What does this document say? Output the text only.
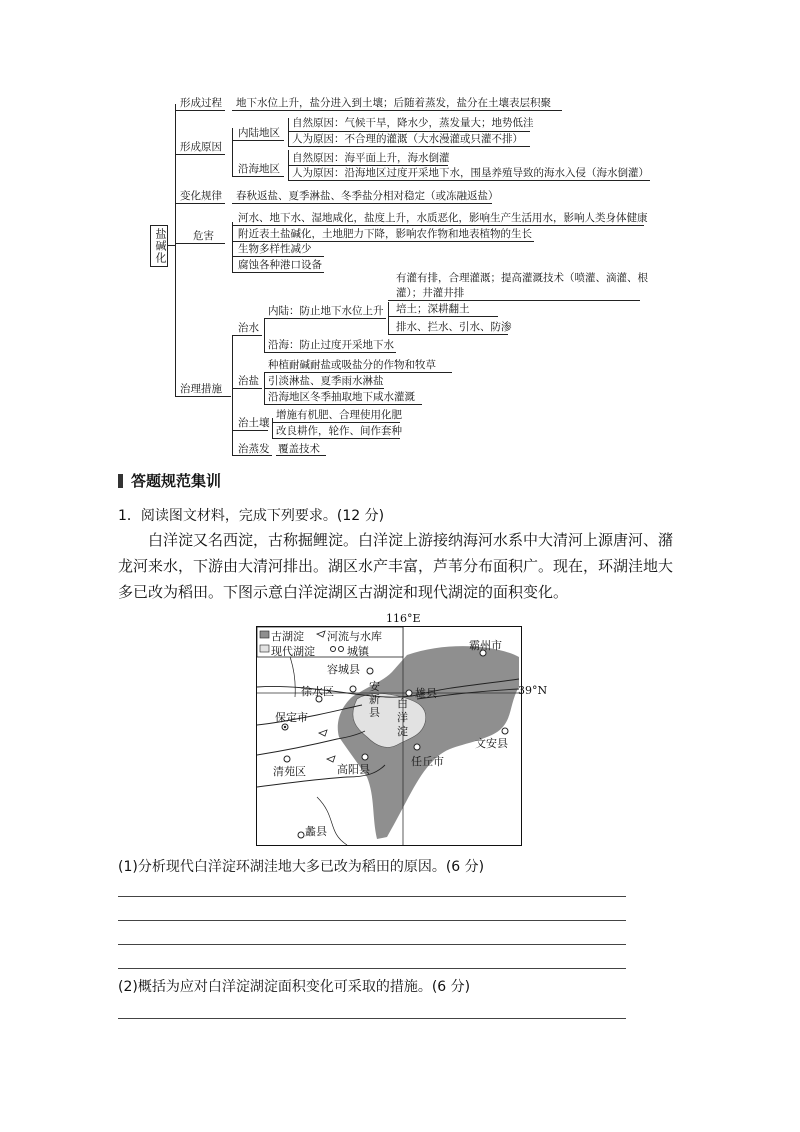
盐碱化
形成过程 地下水位上升，盐分进入到土壤；后随着蒸发，盐分在土壤表层积聚
形成原因
内陆地区
自然原因：气候干旱，降水少，蒸发量大；地势低洼
人为原因：不合理的灌溉（大水漫灌或只灌不排）
沿海地区
自然原因：海平面上升，海水倒灌
人为原因：沿海地区过度开采地下水，围垦养殖导致的海水入侵（海水倒灌）
变化规律 春秋返盐、夏季淋盐、冬季盐分相对稳定（或冻融返盐）
危害
河水、地下水、湿地咸化，盐度上升，水质恶化，影响生产生活用水，影响人类身体健康
附近表土盐碱化，土地肥力下降，影响农作物和地表植物的生长
生物多样性减少
腐蚀各种港口设备
治理措施
治水
内陆：防止地下水位上升
有灌有排，合理灌溉；提高灌溉技术（喷灌、滴灌、根
灌）；井灌井排
培土；深耕翻土
排水、拦水、引水、防渗
沿海：防止过度开采地下水
治盐
种植耐碱耐盐或吸盐分的作物和牧草
引淡淋盐、夏季雨水淋盐
沿海地区冬季抽取地下咸水灌溉
治土壤
增施有机肥、合理使用化肥
改良耕作，轮作、间作套种
治蒸发 覆盖技术
答题规范集训
1．阅读图文材料，完成下列要求。(12 分)
白洋淀又名西淀，古称掘鲤淀。白洋淀上游接纳海河水系中大清河上源唐河、潴龙河来水，下游由大清河排出。湖区水产丰富，芦苇分布面积广。现在，环湖洼地大多已改为稻田。下图示意白洋淀湖区古湖淀和现代湖淀的面积变化。
古湖淀 河流与水库
现代湖淀	城镇	霸州市
容城县
徐水区	安
新
县
雄县
保定市
白
洋
淀
文安县
清苑区	高阳县
任丘市
蠡县
116°E
39°N
(1)分析现代白洋淀环湖洼地大多已改为稻田的原因。(6 分)
(2)概括为应对白洋淀湖淀面积变化可采取的措施。(6 分)
